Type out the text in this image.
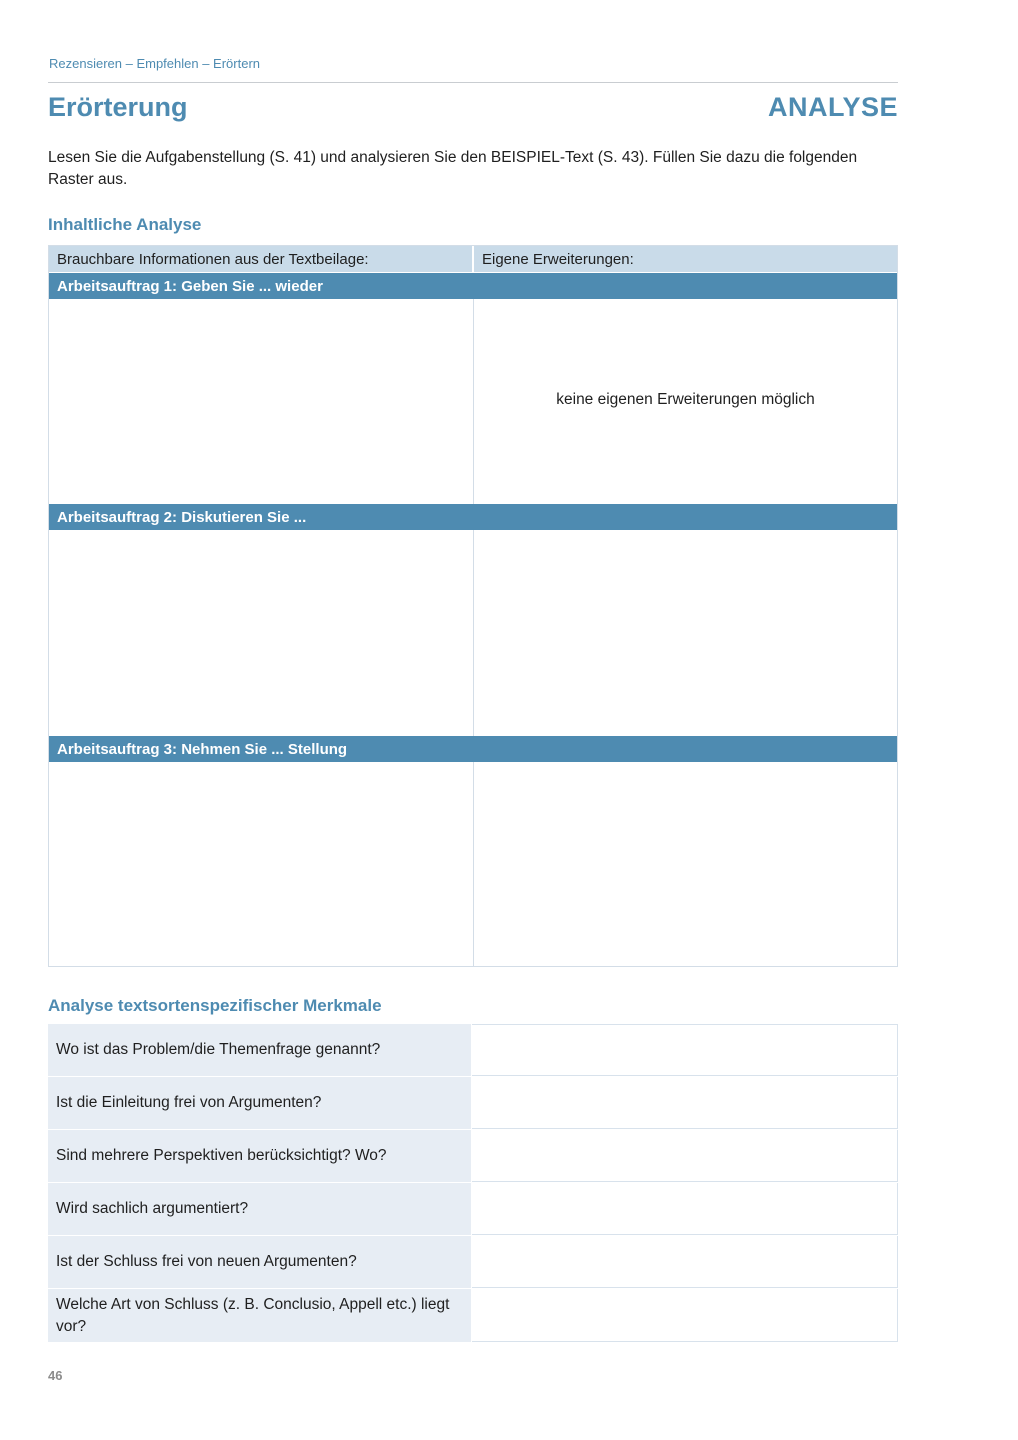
Rezensieren – Empfehlen – Erörtern
Erörterung	ANALYSE
Lesen Sie die Aufgabenstellung (S. 41) und analysieren Sie den BEISPIEL-Text (S. 43). Füllen Sie dazu die folgenden Raster aus.
Inhaltliche Analyse
Brauchbare Informationen aus der Textbeilage:	Eigene Erweiterungen:
Arbeitsauftrag 1: Geben Sie ... wieder
keine eigenen Erweiterungen möglich
Arbeitsauftrag 2: Diskutieren Sie ...
Arbeitsauftrag 3: Nehmen Sie ... Stellung
Analyse textsortenspezifischer Merkmale
Wo ist das Problem/die Themenfrage genannt?
Ist die Einleitung frei von Argumenten?
Sind mehrere Perspektiven berücksichtigt? Wo?
Wird sachlich argumentiert?
Ist der Schluss frei von neuen Argumenten?
Welche Art von Schluss (z. B. Conclusio, Appell etc.) liegt vor?
46
